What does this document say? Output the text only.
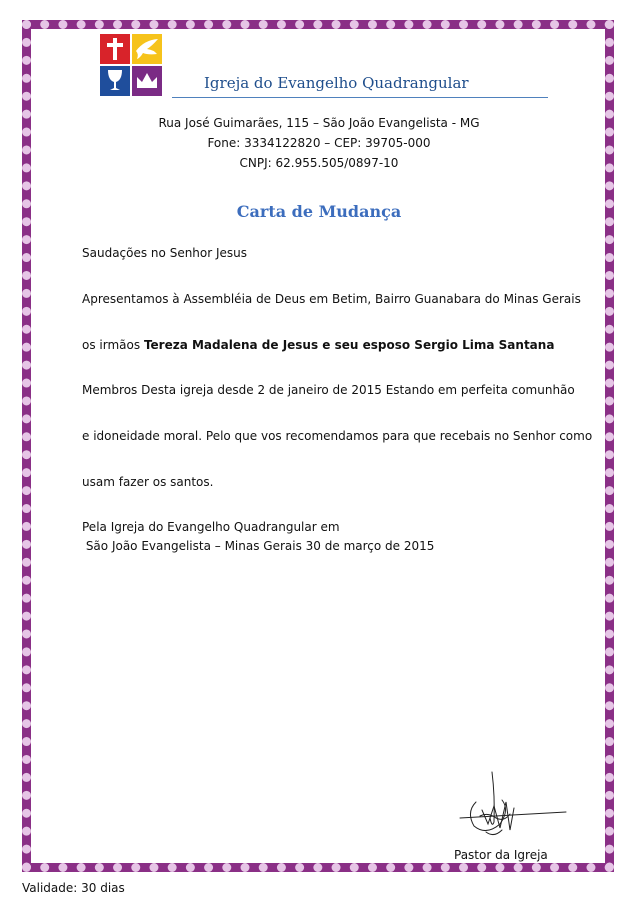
Igreja do Evangelho Quadrangular
Rua José Guimarães, 115 – São João Evangelista - MG
Fone: 3334122820 – CEP: 39705-000
CNPJ: 62.955.505/0897-10
Carta de Mudança
Saudações no Senhor Jesus
Apresentamos à Assembléia de Deus em Betim, Bairro Guanabara do Minas Gerais
os irmãos Tereza Madalena de Jesus e seu esposo Sergio Lima Santana
Membros Desta igreja desde 2 de janeiro de 2015 Estando em perfeita comunhão
e idoneidade moral. Pelo que vos recomendamos para que recebais no Senhor como
usam fazer os santos.
Pela Igreja do Evangelho Quadrangular em
São João Evangelista – Minas Gerais 30 de março de 2015
Pastor da Igreja
Validade: 30 dias
